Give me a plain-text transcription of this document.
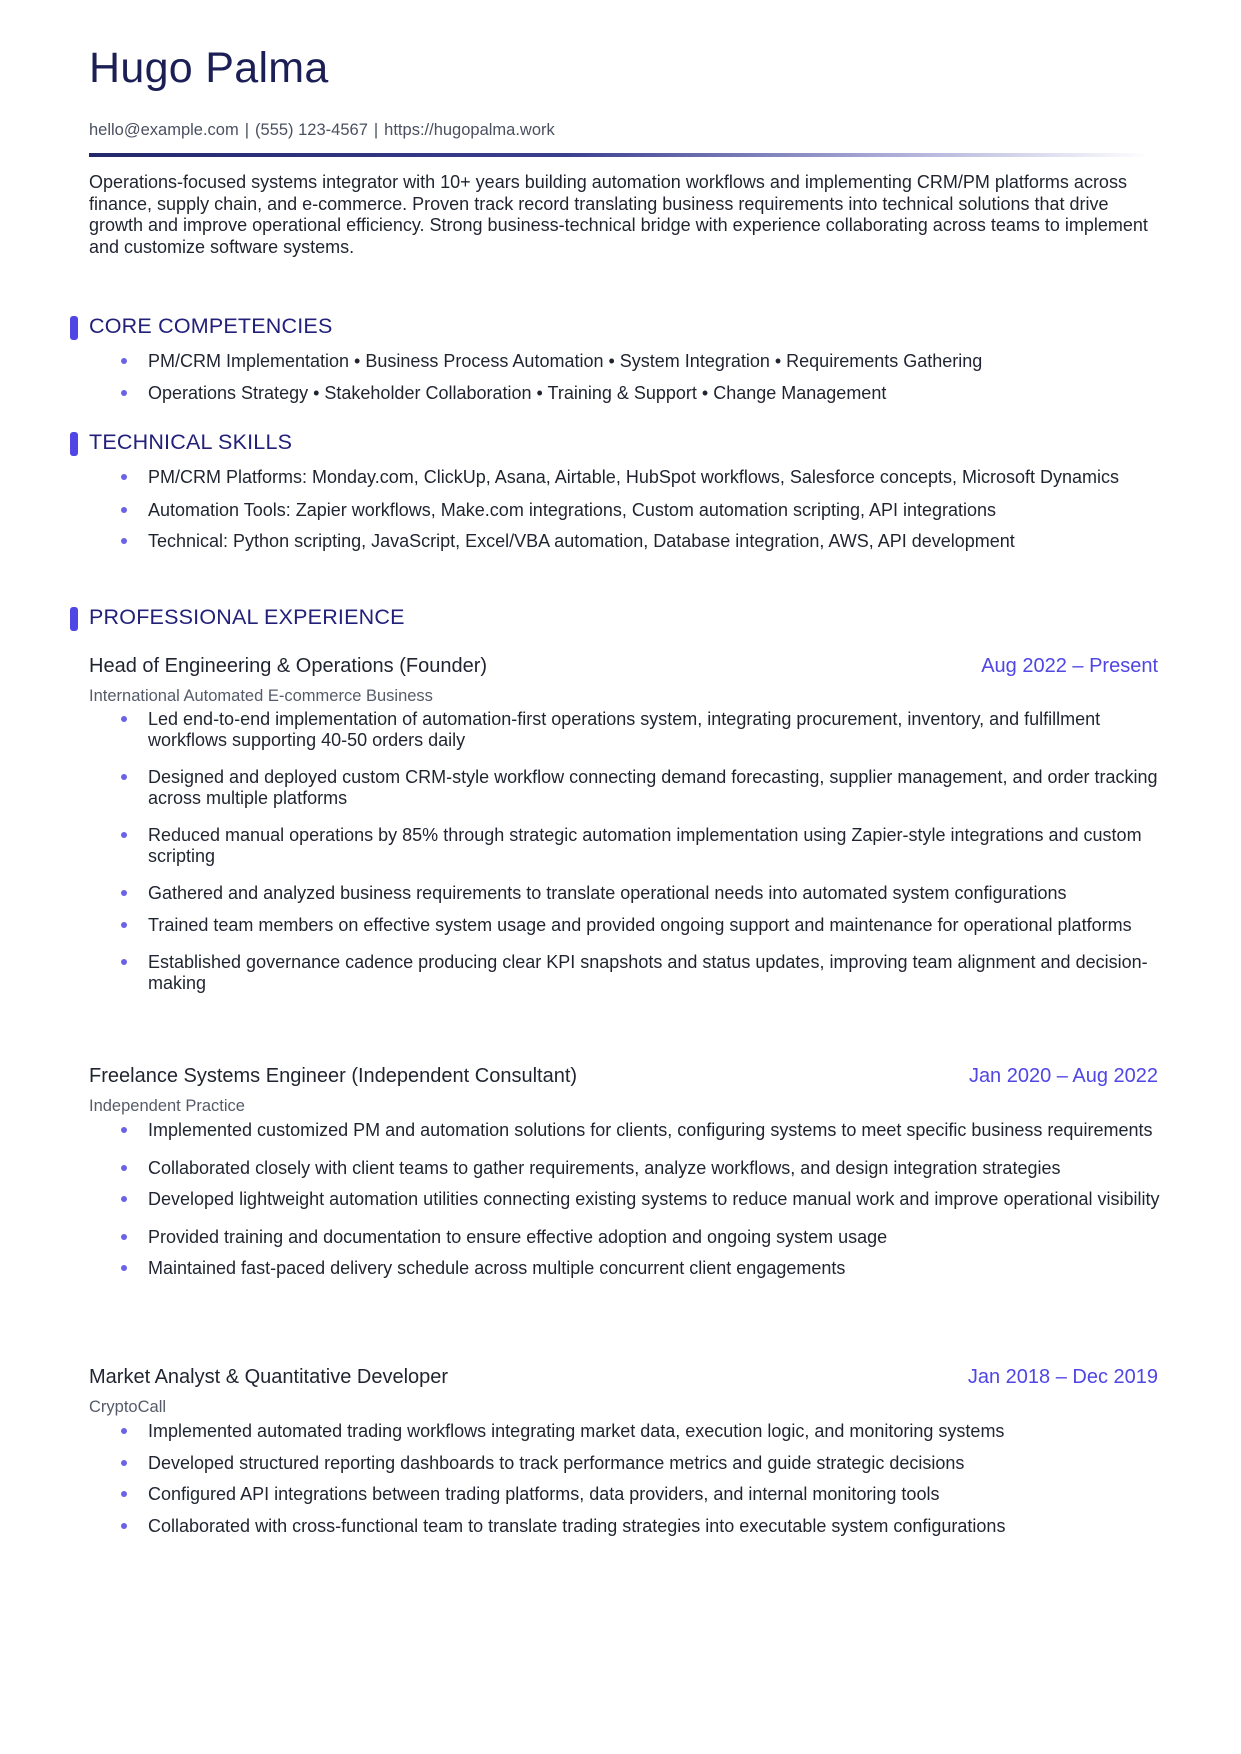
Hugo Palma
hello@example.com | (555) 123-4567 | https://hugopalma.work

Operations-focused systems integrator with 10+ years building automation workflows and implementing CRM/PM platforms across finance, supply chain, and e-commerce. Proven track record translating business requirements into technical solutions that drive growth and improve operational efficiency. Strong business-technical bridge with experience collaborating across teams to implement and customize software systems.

CORE COMPETENCIES
PM/CRM Implementation • Business Process Automation • System Integration • Requirements Gathering
Operations Strategy • Stakeholder Collaboration • Training & Support • Change Management
TECHNICAL SKILLS
PM/CRM Platforms: Monday.com, ClickUp, Asana, Airtable, HubSpot workflows, Salesforce concepts, Microsoft Dynamics
Automation Tools: Zapier workflows, Make.com integrations, Custom automation scripting, API integrations
Technical: Python scripting, JavaScript, Excel/VBA automation, Database integration, AWS, API development
PROFESSIONAL EXPERIENCE
Head of Engineering & Operations (Founder)	Aug 2022 – Present
International Automated E-commerce Business
Led end-to-end implementation of automation-first operations system, integrating procurement, inventory, and fulfillment workflows supporting 40-50 orders daily
Designed and deployed custom CRM-style workflow connecting demand forecasting, supplier management, and order tracking across multiple platforms
Reduced manual operations by 85% through strategic automation implementation using Zapier-style integrations and custom scripting
Gathered and analyzed business requirements to translate operational needs into automated system configurations
Trained team members on effective system usage and provided ongoing support and maintenance for operational platforms
Established governance cadence producing clear KPI snapshots and status updates, improving team alignment and decision-making
Freelance Systems Engineer (Independent Consultant)	Jan 2020 – Aug 2022
Independent Practice
Implemented customized PM and automation solutions for clients, configuring systems to meet specific business requirements
Collaborated closely with client teams to gather requirements, analyze workflows, and design integration strategies
Developed lightweight automation utilities connecting existing systems to reduce manual work and improve operational visibility
Provided training and documentation to ensure effective adoption and ongoing system usage
Maintained fast-paced delivery schedule across multiple concurrent client engagements
Market Analyst & Quantitative Developer	Jan 2018 – Dec 2019
CryptoCall
Implemented automated trading workflows integrating market data, execution logic, and monitoring systems
Developed structured reporting dashboards to track performance metrics and guide strategic decisions
Configured API integrations between trading platforms, data providers, and internal monitoring tools
Collaborated with cross-functional team to translate trading strategies into executable system configurations
